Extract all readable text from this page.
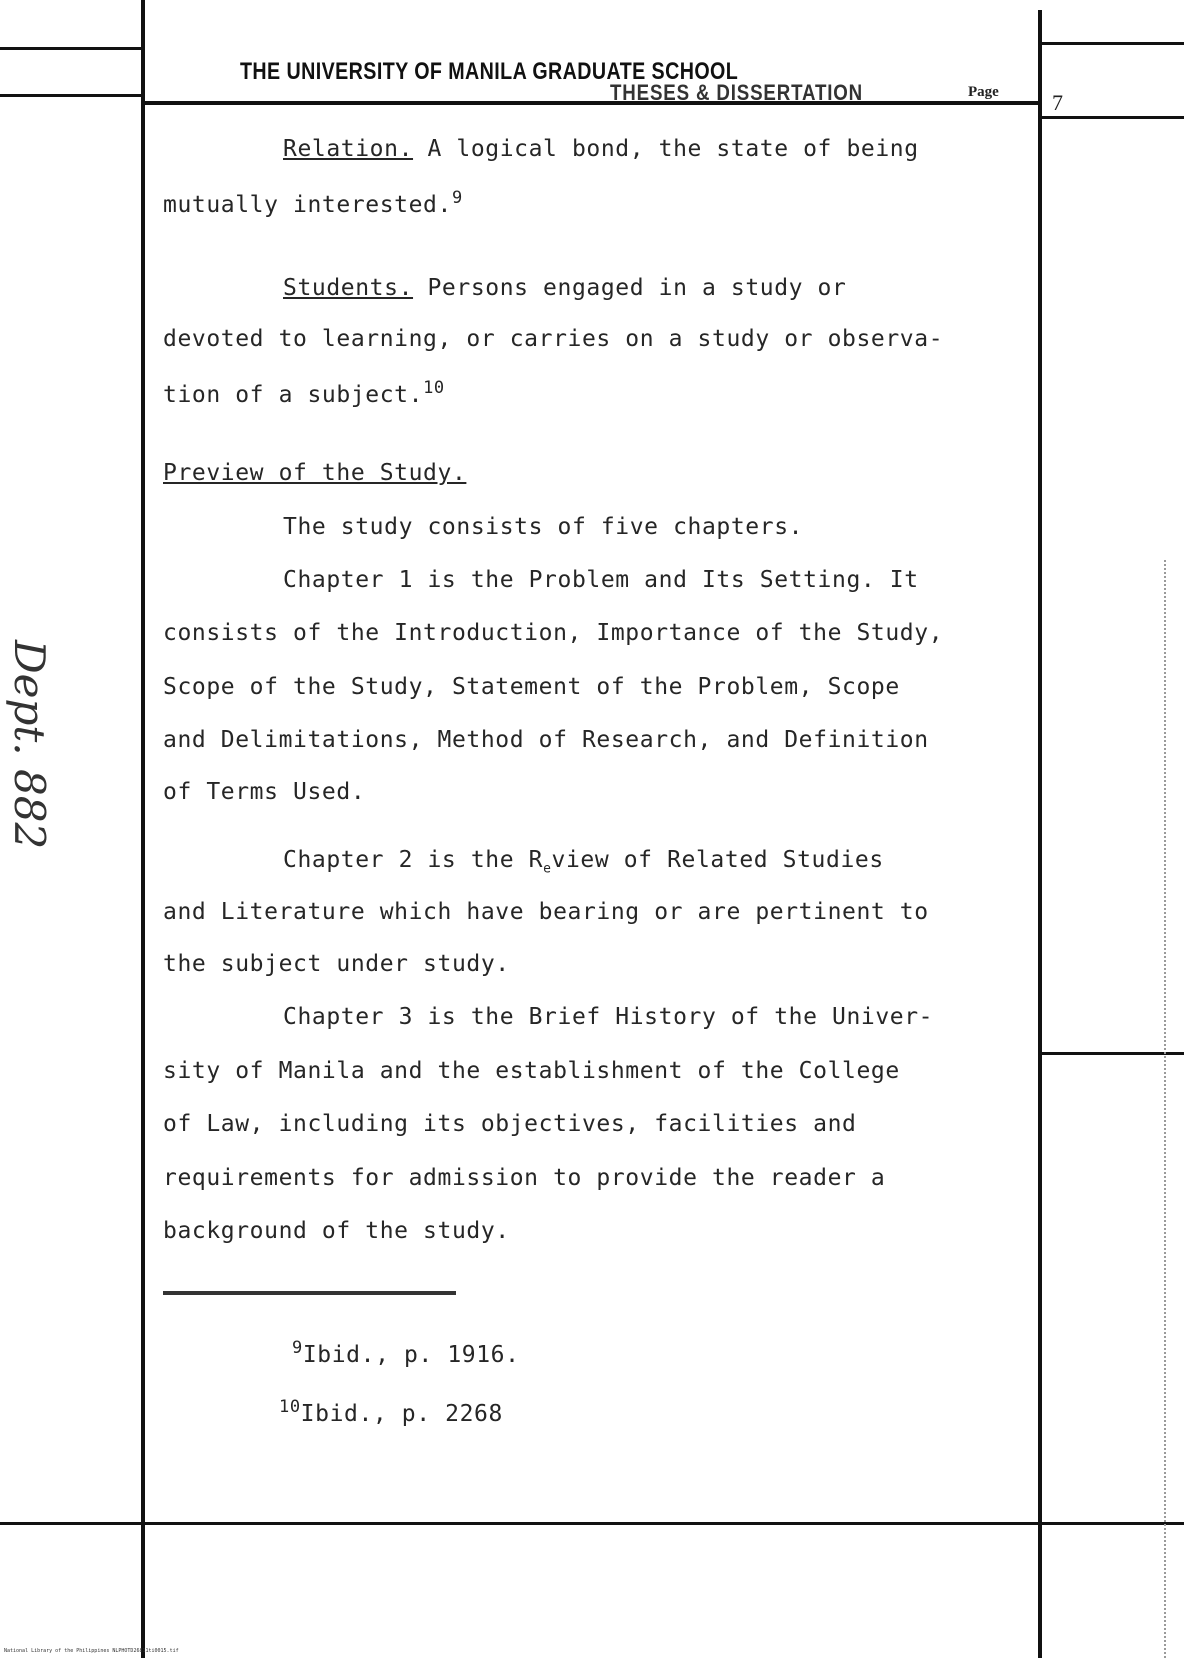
THE UNIVERSITY OF MANILA GRADUATE SCHOOL
THESES & DISSERTATION	Page 7
Relation. A logical bond, the state of being
mutually interested.$^9$
Students. Persons engaged in a study or
devoted to learning, or carries on a study or observa-
tion of a subject.$^{10}$
Preview of the Study.
The study consists of five chapters.
Chapter 1 is the Problem and Its Setting. It
consists of the Introduction, Importance of the Study,
Scope of the Study, Statement of the Problem, Scope
and Delimitations, Method of Research, and Definition
of Terms Used.
Chapter 2 is the $R_eview$ of Related Studies
and Literature which have bearing or are pertinent to
the subject under study.
Chapter 3 is the Brief History of the Univer-
sity of Manila and the establishment of the College
of Law, including its objectives, facilities and
requirements for admission to provide the reader a
background of the study.
$^9$Ibid., p. 1916.
$^{10}$Ibid., p. 2268
Dept. 882
National Library of the Philippines NLPHOTD26811ti0015.tif
